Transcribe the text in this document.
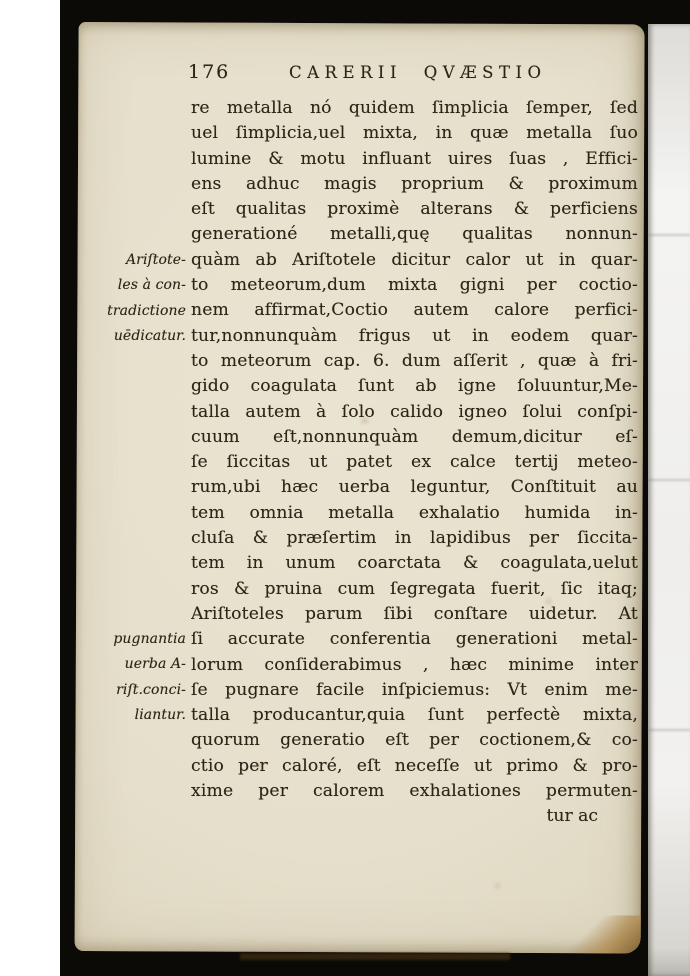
176	CARERII QVÆSTIO
re metalla nó quidem ſimplicia ſemper, ſed
uel ſimplicia,uel mixta, in quæ metalla ſuo
lumine & motu influant uires ſuas , Effici-
ens adhuc magis proprium & proximum
eſt qualitas proximè alterans & perficiens
generationé metalli,quę qualitas nonnun-
quàm ab Ariſtotele dicitur calor ut in quar-
to meteorum,dum mixta gigni per coctio-
nem affirmat,Coctio autem calore perfici-
tur,nonnunquàm frigus ut in eodem quar-
to meteorum cap. 6. dum aſſerit , quæ à fri-
gido coagulata ſunt ab igne ſoluuntur,Me-
talla autem à ſolo calido igneo ſolui conſpi-
cuum eſt,nonnunquàm demum,dicitur eſ-
ſe ſiccitas ut patet ex calce tertij meteo-
rum,ubi hæc uerba leguntur, Conſtituit au
tem omnia metalla exhalatio humida in-
cluſa & præſertim in lapidibus per ſiccita-
tem in unum coarctata & coagulata,uelut
ros & pruina cum ſegregata fuerit, ſic itaq;
Ariſtoteles parum ſibi conſtare uidetur. At
ſi accurate conferentia generationi metal-
lorum conſiderabimus , hæc minime inter
ſe pugnare facile inſpiciemus: Vt enim me-
talla producantur,quia ſunt perfectè mixta,
quorum generatio eſt per coctionem,& co-
ctio per caloré, eſt neceſſe ut primo & pro-
xime per calorem exhalationes permuten-
tur ac
Ariſtote-
les à con-
tradictione
uēdicatur.
pugnantia
uerba A-
riſt.conci-
liantur.
